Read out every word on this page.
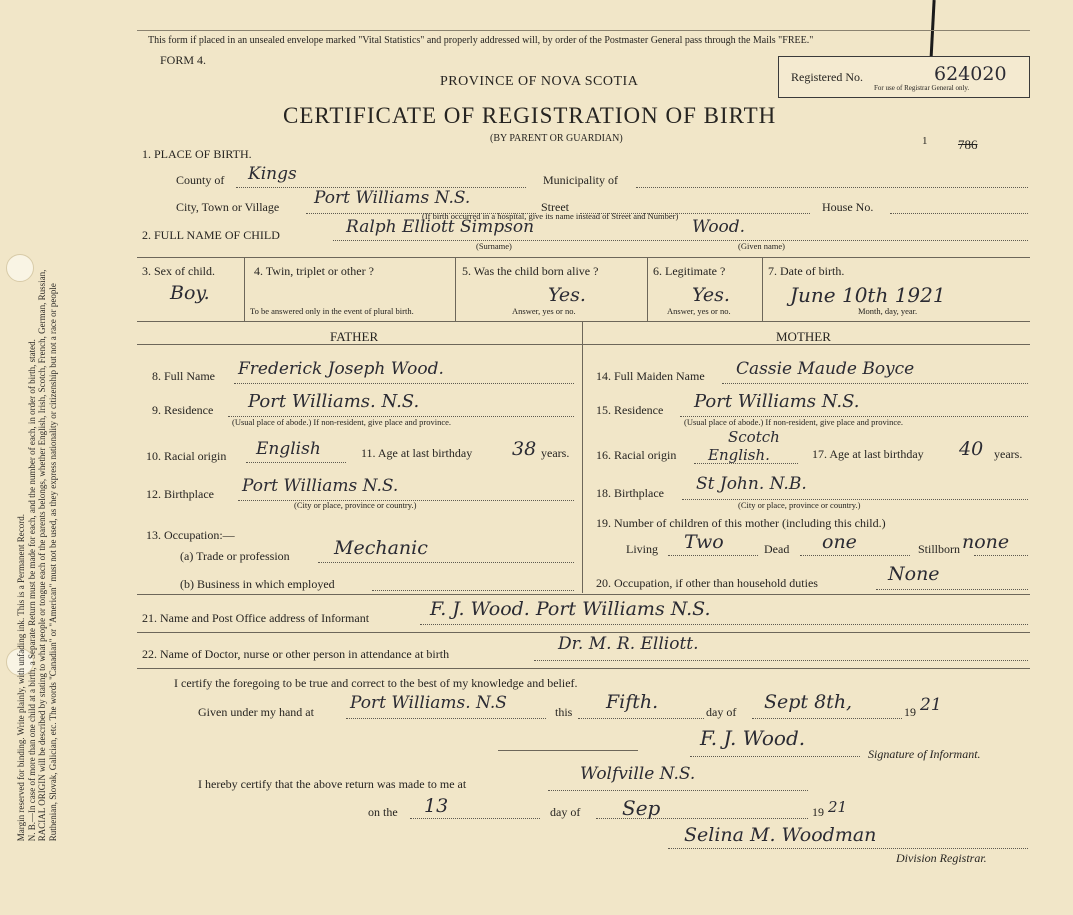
Margin reserved for binding. Write plainly, with unfading ink. This is a Permanent Record. N. B.—In case of more than one child at a birth, a Separate Return must be made for each, and the number of each, in order of birth, stated. RACIAL ORIGIN will be described by stating to what people or tongue each of the parents belongs, whether English, Irish, Scotch, French, German, Russian, Ruthenian, Slovak, Galician, etc. The words "Canadian" or "American" must not be used, as they express nationality or citizenship but not a race or people
This form if placed in an unsealed envelope marked "Vital Statistics" and properly addressed will, by order of the Postmaster General pass through the Mails "FREE."
FORM 4.
PROVINCE OF NOVA SCOTIA
CERTIFICATE OF REGISTRATION OF BIRTH
(BY PARENT OR GUARDIAN)
Registered No.	624020
For use of Registrar General only.
1 786
1. PLACE OF BIRTH.
County of Kings	Municipality of
City, Town or Village Port Williams N.S.	Street	House No.
(If birth occurred in a hospital, give its name instead of Street and Number)
2. FULL NAME OF CHILD	Ralph Elliott Simpson	Wood.
(Surname)	(Given name)
3. Sex of child.
Boy.
4. Twin, triplet or other ?
To be answered only in the event of plural birth.
5. Was the child born alive ?
Yes.
Answer, yes or no.
6. Legitimate ?
Yes.
Answer, yes or no.
7. Date of birth.
June 10th 1921
Month, day, year.
FATHER	MOTHER
8. Full Name Frederick Joseph Wood.
9. Residence Port Williams. N.S.
(Usual place of abode.) If non-resident, give place and province.
10. Racial origin English	11. Age at last birthday 38 years.
12. Birthplace Port Williams N.S.
(City or place, province or country.)
13. Occupation:—
(a) Trade or profession Mechanic
(b) Business in which employed
14. Full Maiden Name Cassie Maude Boyce
15. Residence Port Williams N.S.
(Usual place of abode.) If non-resident, give place and province.
16. Racial origin
Scotch
English.	17. Age at last birthday 40 years.
18. Birthplace St John. N.B.
(City or place, province or country.)
19. Number of children of this mother (including this child.)
Living Two	Dead one	Stillborn none
20. Occupation, if other than household duties	None
21. Name and Post Office address of Informant	F. J. Wood. Port Williams N.S.
22. Name of Doctor, nurse or other person in attendance at birth	Dr. M. R. Elliott.
I certify the foregoing to be true and correct to the best of my knowledge and belief.
Given under my hand at Port Williams. N.S	this Fifth.	day of Sept 8th,	19 21
F. J. Wood.
Signature of Informant.
I hereby certify that the above return was made to me at	Wolfville N.S.
on the 13	day of Sep	19 21
Selina M. Woodman
Division Registrar.
